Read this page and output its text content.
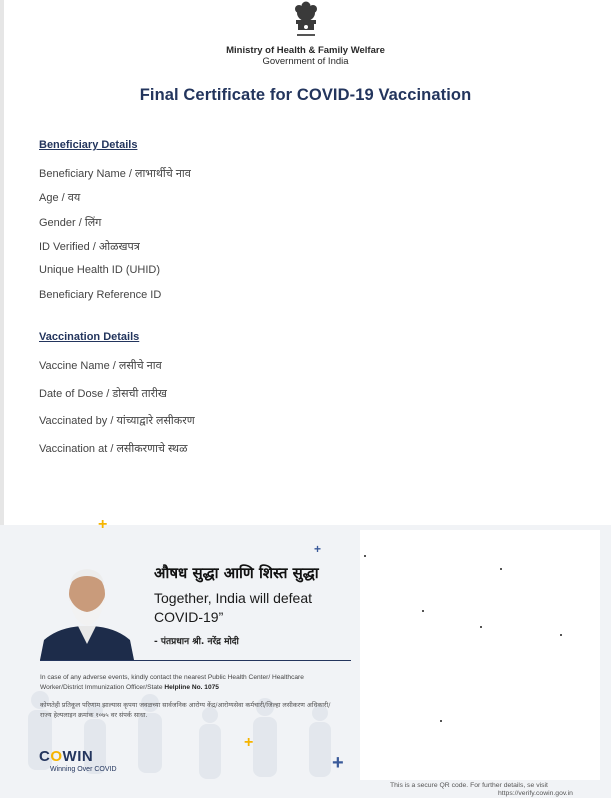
Ministry of Health & Family Welfare
Government of India
Final Certificate for COVID-19 Vaccination
Beneficiary Details
Beneficiary Name / लाभार्थीचे नाव
Age / वय
Gender / लिंग
ID Verified / ओळखपत्र
Unique Health ID (UHID)
Beneficiary Reference ID
Vaccination Details
Vaccine Name / लसीचे नाव
Date of Dose / डोसची तारीख
Vaccinated by / यांच्याद्वारे लसीकरण
Vaccination at / लसीकरणाचे स्थळ
+
+
+
+
औषध सुद्धा आणि शिस्त सुद्धा
Together, India will defeat COVID-19”
- पंतप्रधान श्री. नरेंद्र मोदी
In case of any adverse events, kindly contact the nearest Public Health Center/ Healthcare Worker/District Immunization Officer/State Helpline No. 1075
कोणतेही प्रतिकूल परिणाम झाल्यास कृपया जवळच्या सार्वजनिक आरोग्य केंद्र/आरोग्यसेवा कर्मचारी/जिल्हा लसीकरण अधिकारी/राज्य हेल्पलाइन क्रमांक १०७५ वर संपर्क साधा.
COWIN
Winning Over COVID
This is a secure QR code. For further details, se visit
https://verify.cowin.gov.in
